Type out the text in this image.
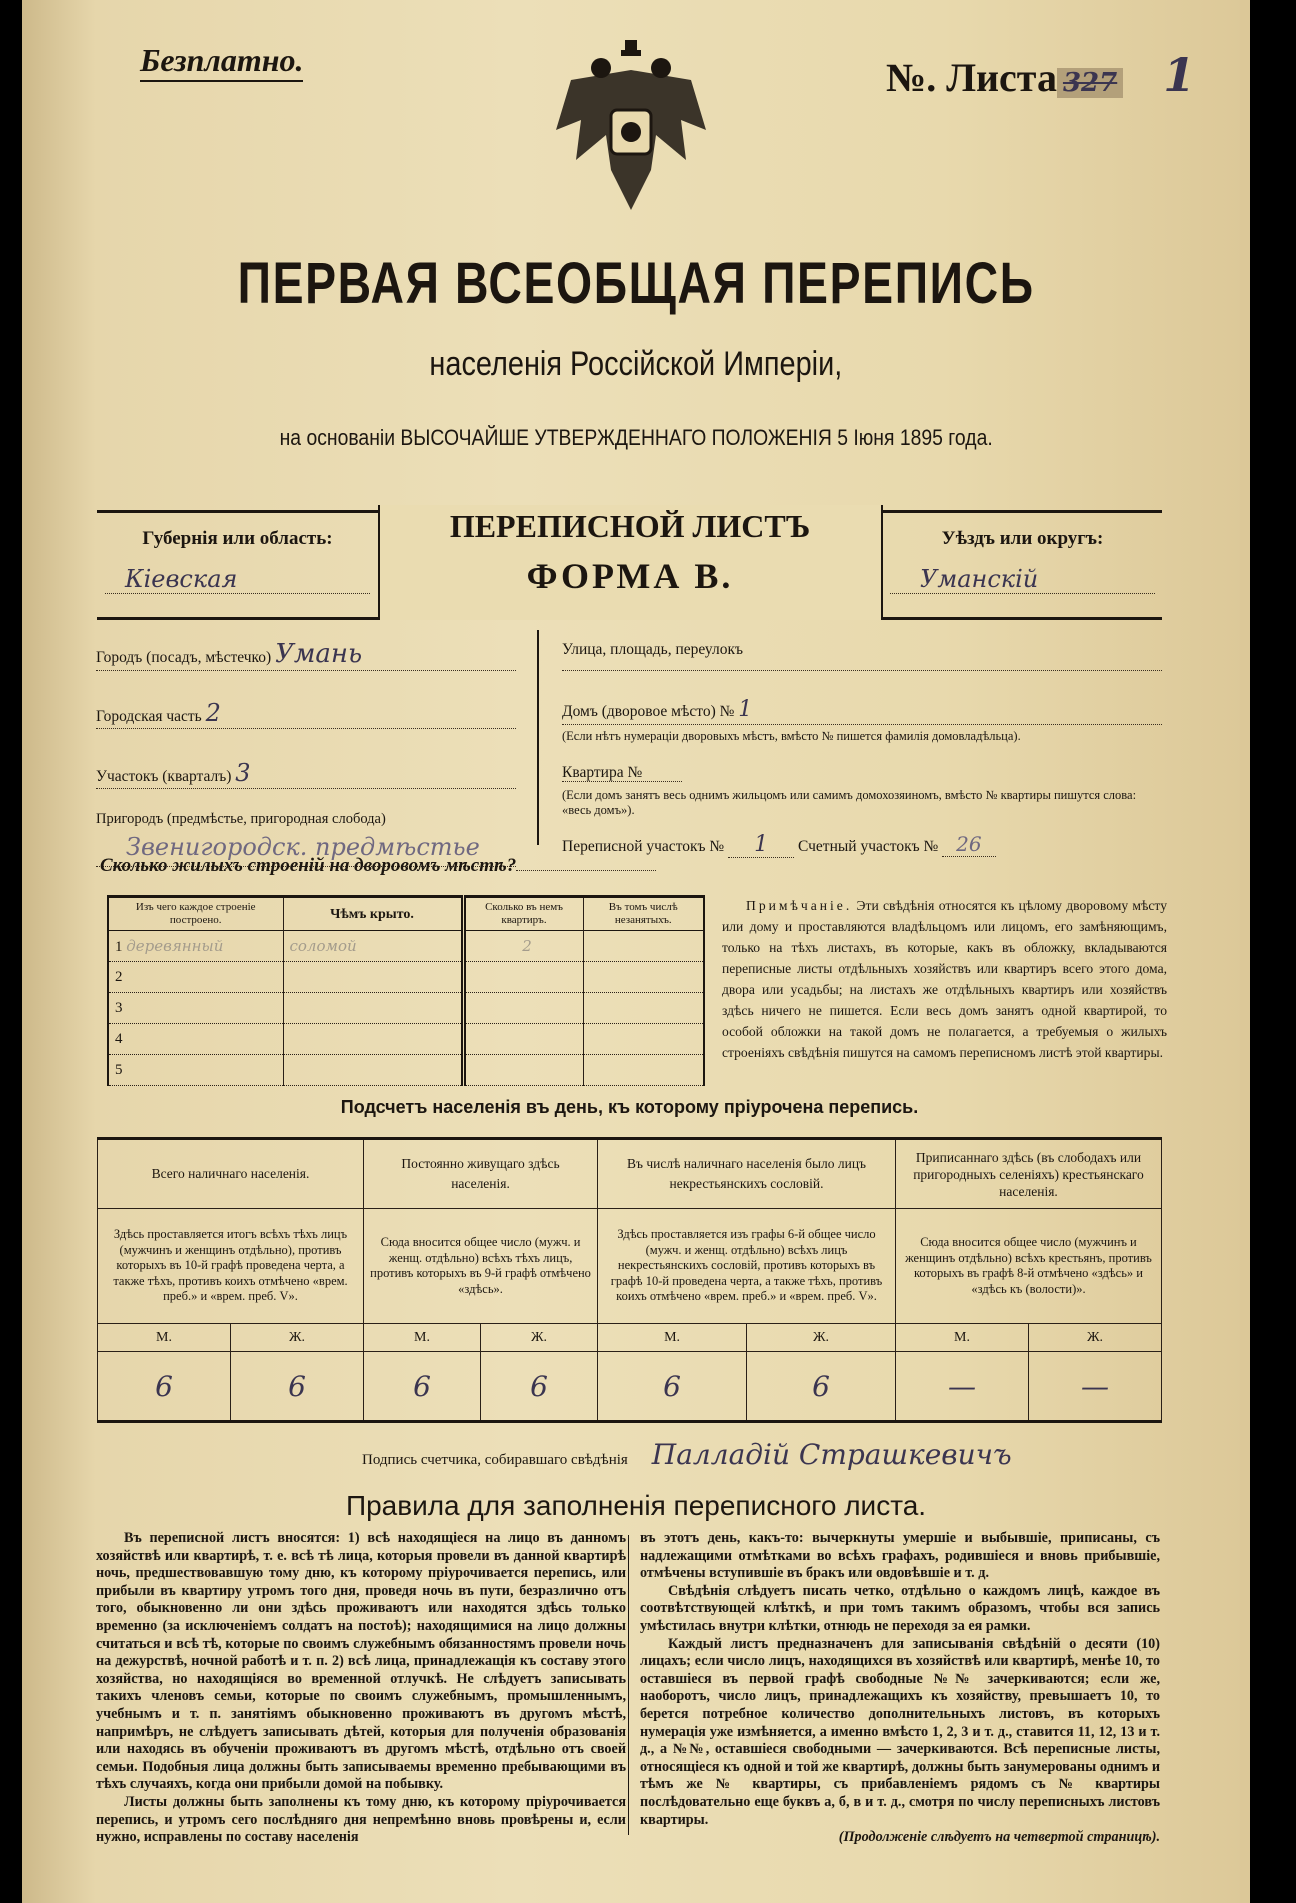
Безплатно.	№. Листа 327 1
ПЕРВАЯ ВСЕОБЩАЯ ПЕРЕПИСЬ
населенія Россійской Имперіи,
на основаніи ВЫСОЧАЙШЕ УТВЕРЖДЕННАГО ПОЛОЖЕНІЯ 5 Іюня 1895 года.
Губернія или область:
Кіевская
ПЕРЕПИСНОЙ ЛИСТЪ
ФОРМА В.
Уѣздъ или округъ:
Уманскій
Городъ (посадъ, мѣстечко) Умань
Городская часть 2
Участокъ (кварталъ) 3
Пригородъ (предмѣстье, пригородная слобода)
Звенигородск. предмѣстье
Улица, площадь, переулокъ
Домъ (дворовое мѣсто) № 1
(Если нѣтъ нумераціи дворовыхъ мѣстъ, вмѣсто № пишется фамилія домовладѣльца).
Квартира №
(Если домъ занятъ весь однимъ жильцомъ или самимъ домохозяиномъ, вмѣсто № квартиры пишутся слова: «весь домъ»).
Переписной участокъ № 1 Счетный участокъ № 26
Сколько жилыхъ строеній на дворовомъ мѣстѣ?
Изъ чего каждое строеніе построено.	Чѣмъ крыто.	Сколько въ немъ квартиръ.	Въ томъ числѣ незанятыхъ.
1 деревянный	соломой	2	
2			
3			
4			
5			
Примѣчаніе. Эти свѣдѣнія относятся къ цѣлому дворовому мѣсту или дому и проставляются владѣльцомъ или лицомъ, его замѣняющимъ, только на тѣхъ листахъ, въ которые, какъ въ обложку, вкладываются переписные листы отдѣльныхъ хозяйствъ или квартиръ всего этого дома, двора или усадьбы; на листахъ же отдѣльныхъ квартиръ или хозяйствъ здѣсь ничего не пишется. Если весь домъ занятъ одной квартирой, то особой обложки на такой домъ не полагается, а требуемыя о жилыхъ строеніяхъ свѣдѣнія пишутся на самомъ переписномъ листѣ этой квартиры.
Подсчетъ населенія въ день, къ которому пріурочена перепись.
Всего наличнаго населенія.		Постоянно живущаго здѣсь населенія.		Въ числѣ наличнаго населенія было лицъ некрестьянскихъ сословій.		Приписаннаго здѣсь (въ слободахъ или пригородныхъ селеніяхъ) крестьянскаго населенія.	
Здѣсь проставляется итогъ всѣхъ тѣхъ лицъ (мужчинъ и женщинъ отдѣльно), противъ которыхъ въ 10-й графѣ проведена черта, а также тѣхъ, противъ коихъ отмѣчено «врем. преб.» и «врем. преб. V».		Сюда вносится общее число (мужч. и женщ. отдѣльно) всѣхъ тѣхъ лицъ, противъ которыхъ въ 9-й графѣ отмѣчено «здѣсь».		Здѣсь проставляется изъ графы 6-й общее число (мужч. и женщ. отдѣльно) всѣхъ лицъ некрестьянскихъ сословій, противъ которыхъ въ графѣ 10-й проведена черта, а также тѣхъ, противъ коихъ отмѣчено «врем. преб.» и «врем. преб. V».		Сюда вносится общее число (мужчинъ и женщинъ отдѣльно) всѣхъ крестьянъ, противъ которыхъ въ графѣ 8-й отмѣчено «здѣсь» и «здѣсь къ (волости)».	
М.	Ж.	М.	Ж.	М.	Ж.	М.	Ж.
6	6	6	6	6	6	—	—
Подпись счетчика, собиравшаго свѣдѣнія Палладій Страшкевичъ
Правила для заполненія переписного листа.

Въ переписной листъ вносятся: 1) всѣ находящіеся на лицо въ данномъ хозяйствѣ или квартирѣ, т. е. всѣ тѣ лица, которыя провели въ данной квартирѣ ночь, предшествовавшую тому дню, къ которому пріурочивается перепись, или прибыли въ квартиру утромъ того дня, проведя ночь въ пути, безразлично отъ того, обыкновенно ли они здѣсь проживаютъ или находятся здѣсь только временно (за исключеніемъ солдатъ на постоѣ); находящимися на лицо должны считаться и всѣ тѣ, которые по своимъ служебнымъ обязанностямъ провели ночь на дежурствѣ, ночной работѣ и т. п. 2) всѣ лица, принадлежащія къ составу этого хозяйства, но находящіяся во временной отлучкѣ. Не слѣдуетъ записывать такихъ членовъ семьи, которые по своимъ служебнымъ, промышленнымъ, учебнымъ и т. п. занятіямъ обыкновенно проживаютъ въ другомъ мѣстѣ, напримѣръ, не слѣдуетъ записывать дѣтей, которыя для полученія образованія или находясь въ обученіи проживаютъ въ другомъ мѣстѣ, отдѣльно отъ своей семьи. Подобныя лица должны быть записываемы временно пребывающими въ тѣхъ случаяхъ, когда они прибыли домой на побывку.

Листы должны быть заполнены къ тому дню, къ которому пріурочивается перепись, и утромъ сего послѣдняго дня непремѣнно вновь провѣрены и, если нужно, исправлены по составу населенія

въ этотъ день, какъ-то: вычеркнуты умершіе и выбывшіе, приписаны, съ надлежащими отмѣтками во всѣхъ графахъ, родившіеся и вновь прибывшіе, отмѣчены вступившіе въ бракъ или овдовѣвшіе и т. д.

Свѣдѣнія слѣдуетъ писать четко, отдѣльно о каждомъ лицѣ, каждое въ соотвѣтствующей клѣткѣ, и при томъ такимъ образомъ, чтобы вся запись умѣстилась внутри клѣтки, отнюдь не переходя за ея рамки.

Каждый листъ предназначенъ для записыванія свѣдѣній о десяти (10) лицахъ; если число лицъ, находящихся въ хозяйствѣ или квартирѣ, менѣе 10, то оставшіеся въ первой графѣ свободные №№ зачеркиваются; если же, наоборотъ, число лицъ, принадлежащихъ къ хозяйству, превышаетъ 10, то берется потребное количество дополнительныхъ листовъ, въ которыхъ нумерація уже измѣняется, а именно вмѣсто 1, 2, 3 и т. д., ставится 11, 12, 13 и т. д., а №№, оставшіеся свободными — зачеркиваются. Всѣ переписные листы, относящіеся къ одной и той же квартирѣ, должны быть занумерованы однимъ и тѣмъ же № квартиры, съ прибавленіемъ рядомъ съ № квартиры послѣдовательно еще буквъ а, б, в и т. д., смотря по числу переписныхъ листовъ квартиры.

(Продолженіе слѣдуетъ на четвертой страницѣ).
